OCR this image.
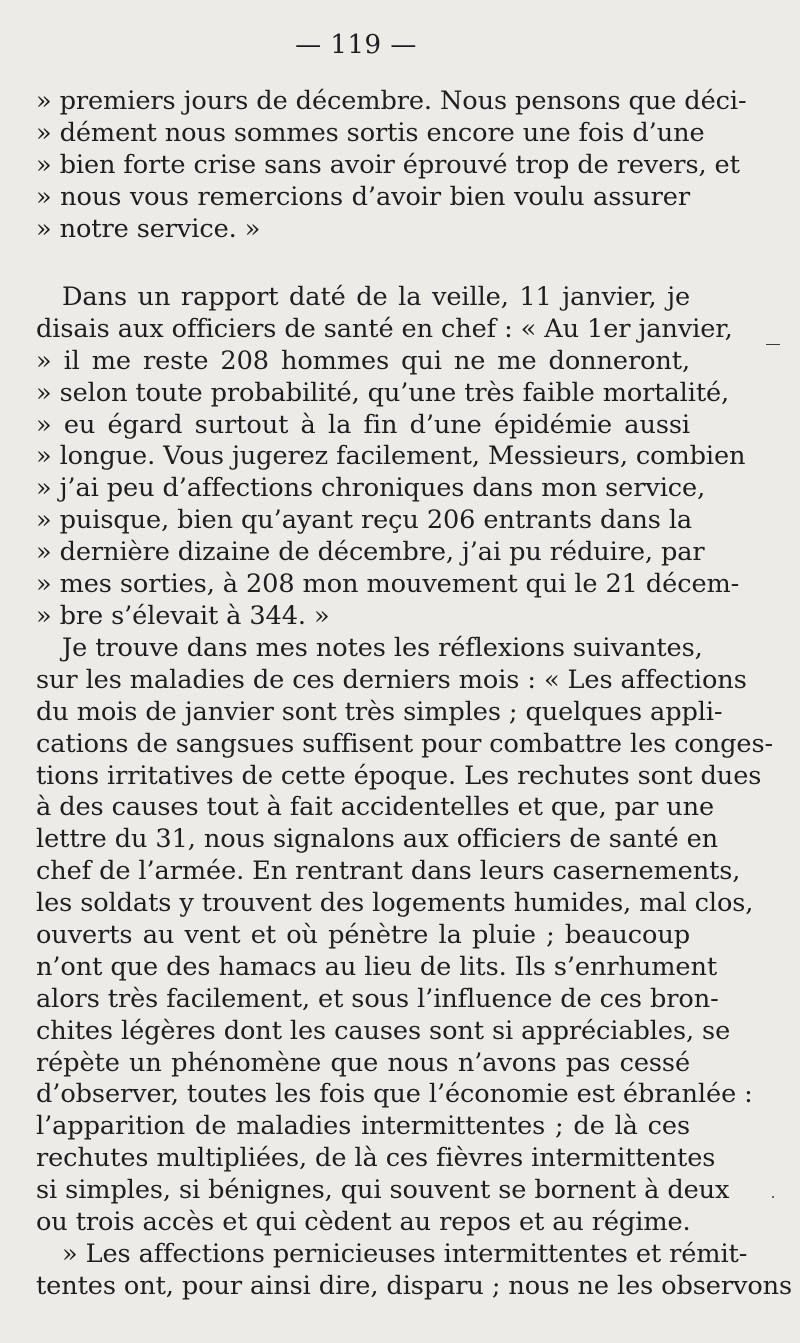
— 119 —
» premiers jours de décembre. Nous pensons que déci-
» dément nous sommes sortis encore une fois d’une
» bien forte crise sans avoir éprouvé trop de revers, et
» nous vous remercions d’avoir bien voulu assurer
» notre service. »
Dans un rapport daté de la veille, 11 janvier, je
disais aux officiers de santé en chef : « Au 1er janvier,
» il me reste 208 hommes qui ne me donneront,
» selon toute probabilité, qu’une très faible mortalité,
» eu égard surtout à la fin d’une épidémie aussi
» longue. Vous jugerez facilement, Messieurs, combien
» j’ai peu d’affections chroniques dans mon service,
» puisque, bien qu’ayant reçu 206 entrants dans la
» dernière dizaine de décembre, j’ai pu réduire, par
» mes sorties, à 208 mon mouvement qui le 21 décem-
» bre s’élevait à 344. »
Je trouve dans mes notes les réflexions suivantes,
sur les maladies de ces derniers mois : « Les affections
du mois de janvier sont très simples ; quelques appli-
cations de sangsues suffisent pour combattre les conges-
tions irritatives de cette époque. Les rechutes sont dues
à des causes tout à fait accidentelles et que, par une
lettre du 31, nous signalons aux officiers de santé en
chef de l’armée. En rentrant dans leurs casernements,
les soldats y trouvent des logements humides, mal clos,
ouverts au vent et où pénètre la pluie ; beaucoup
n’ont que des hamacs au lieu de lits. Ils s’enrhument
alors très facilement, et sous l’influence de ces bron-
chites légères dont les causes sont si appréciables, se
répète un phénomène que nous n’avons pas cessé
d’observer, toutes les fois que l’économie est ébranlée :
l’apparition de maladies intermittentes ; de là ces
rechutes multipliées, de là ces fièvres intermittentes
si simples, si bénignes, qui souvent se bornent à deux
ou trois accès et qui cèdent au repos et au régime.
» Les affections pernicieuses intermittentes et rémit-
tentes ont, pour ainsi dire, disparu ; nous ne les observons
